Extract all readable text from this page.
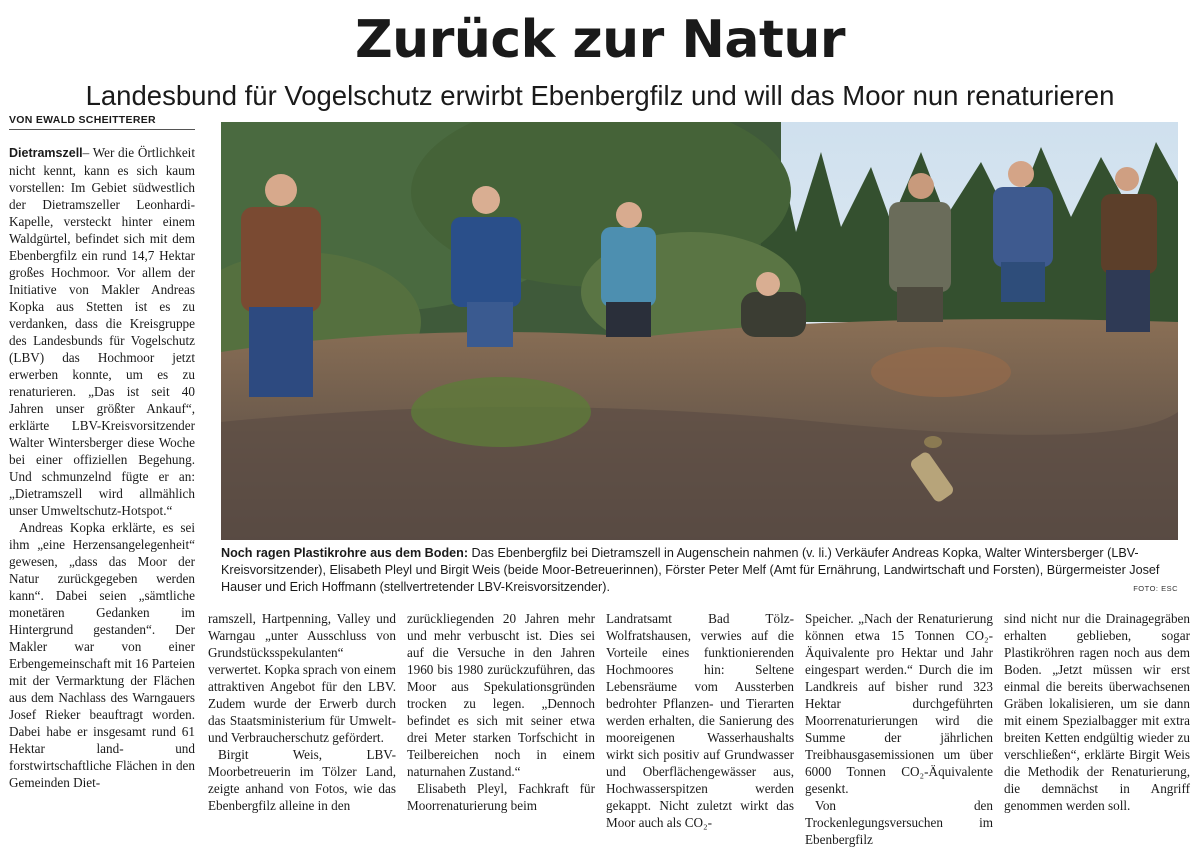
Zurück zur Natur
Landesbund für Vogelschutz erwirbt Ebenbergfilz und will das Moor nun renaturieren
VON EWALD SCHEITTERER

Dietramszell– Wer die Örtlichkeit nicht kennt, kann es sich kaum vorstellen: Im Gebiet südwestlich der Dietramszeller Leonhardi-Kapelle, versteckt hinter einem Waldgürtel, befindet sich mit dem Ebenbergfilz ein rund 14,7 Hektar großes Hochmoor. Vor allem der Initiative von Makler Andreas Kopka aus Stetten ist es zu verdanken, dass die Kreisgruppe des Landesbunds für Vogelschutz (LBV) das Hochmoor jetzt erwerben konnte, um es zu renaturieren. „Das ist seit 40 Jahren unser größter Ankauf“, erklärte LBV-Kreisvorsitzender Walter Wintersberger diese Woche bei einer offiziellen Begehung. Und schmunzelnd fügte er an: „Dietramszell wird allmählich unser Umweltschutz-Hotspot.“

Andreas Kopka erklärte, es sei ihm „eine Herzensangelegenheit“ gewesen, „dass das Moor der Natur zurückgegeben werden kann“. Dabei seien „sämtliche monetären Gedanken im Hintergrund gestanden“. Der Makler war von einer Erbengemeinschaft mit 16 Parteien mit der Vermarktung der Flächen aus dem Nachlass des Warngauers Josef Rieker beauftragt worden. Dabei habe er insgesamt rund 61 Hektar land- und forstwirtschaftliche Flächen in den Gemeinden Diet-

Noch ragen Plastikrohre aus dem Boden: Das Ebenbergfilz bei Dietramszell in Augenschein nahmen (v. li.) Verkäufer Andreas Kopka, Walter Wintersberger (LBV-Kreisvorsitzender), Elisabeth Pleyl und Birgit Weis (beide Moor-Betreuerinnen), Förster Peter Melf (Amt für Ernährung, Landwirtschaft und Forsten), Bürgermeister Josef Hauser und Erich Hoffmann (stellvertretender LBV-Kreisvorsitzender).	FOTO: ESC

ramszell, Hartpenning, Valley und Warngau „unter Ausschluss von Grundstücksspekulanten“ verwertet. Kopka sprach von einem attraktiven Angebot für den LBV. Zudem wurde der Erwerb durch das Staatsministerium für Umwelt- und Verbraucherschutz gefördert.

Birgit Weis, LBV-Moorbetreuerin im Tölzer Land, zeigte anhand von Fotos, wie das Ebenbergfilz alleine in den

zurückliegenden 20 Jahren mehr und mehr verbuscht ist. Dies sei auf die Versuche in den Jahren 1960 bis 1980 zurückzuführen, das Moor aus Spekulationsgründen trocken zu legen. „Dennoch befindet es sich mit seiner etwa drei Meter starken Torfschicht in Teilbereichen noch in einem naturnahen Zustand.“

Elisabeth Pleyl, Fachkraft für Moorrenaturierung beim

Landratsamt Bad Tölz-Wolfratshausen, verwies auf die Vorteile eines funktionierenden Hochmoores hin: Seltene Lebensräume vom Aussterben bedrohter Pflanzen- und Tierarten werden erhalten, die Sanierung des mooreigenen Wasserhaushalts wirkt sich positiv auf Grundwasser und Oberflächengewässer aus, Hochwasserspitzen werden gekappt. Nicht zuletzt wirkt das Moor auch als CO₂-

Speicher. „Nach der Renaturierung können etwa 15 Tonnen CO₂-Äquivalente pro Hektar und Jahr eingespart werden.“ Durch die im Landkreis auf bisher rund 323 Hektar durchgeführten Moorrenaturierungen wird die Summe der jährlichen Treibhausgasemissionen um über 6000 Tonnen CO₂-Äquivalente gesenkt.

Von den Trockenlegungsversuchen im Ebenbergfilz

sind nicht nur die Drainagegräben erhalten geblieben, sogar Plastikröhren ragen noch aus dem Boden. „Jetzt müssen wir erst einmal die bereits überwachsenen Gräben lokalisieren, um sie dann mit einem Spezialbagger mit extra breiten Ketten endgültig wieder zu verschließen“, erklärte Birgit Weis die Methodik der Renaturierung, die demnächst in Angriff genommen werden soll.
